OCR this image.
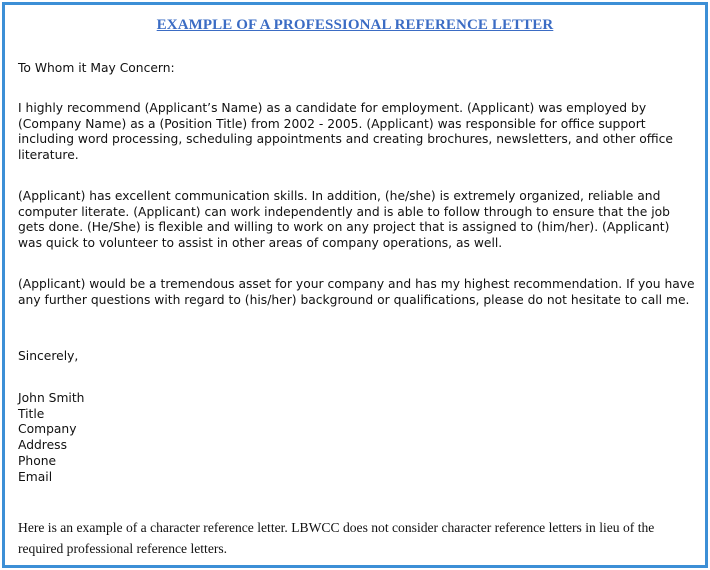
EXAMPLE OF A PROFESSIONAL REFERENCE LETTER
To Whom it May Concern:
I highly recommend (Applicant’s Name) as a candidate for employment. (Applicant) was employed by (Company Name) as a (Position Title) from 2002 - 2005. (Applicant) was responsible for office support including word processing, scheduling appointments and creating brochures, newsletters, and other office literature.
(Applicant) has excellent communication skills. In addition, (he/she) is extremely organized, reliable and computer literate. (Applicant) can work independently and is able to follow through to ensure that the job gets done. (He/She) is flexible and willing to work on any project that is assigned to (him/her). (Applicant) was quick to volunteer to assist in other areas of company operations, as well.
(Applicant) would be a tremendous asset for your company and has my highest recommendation. If you have any further questions with regard to (his/her) background or qualifications, please do not hesitate to call me.
Sincerely,
John Smith
Title
Company
Address
Phone
Email
Here is an example of a character reference letter. LBWCC does not consider character reference letters in lieu of the required professional reference letters.
